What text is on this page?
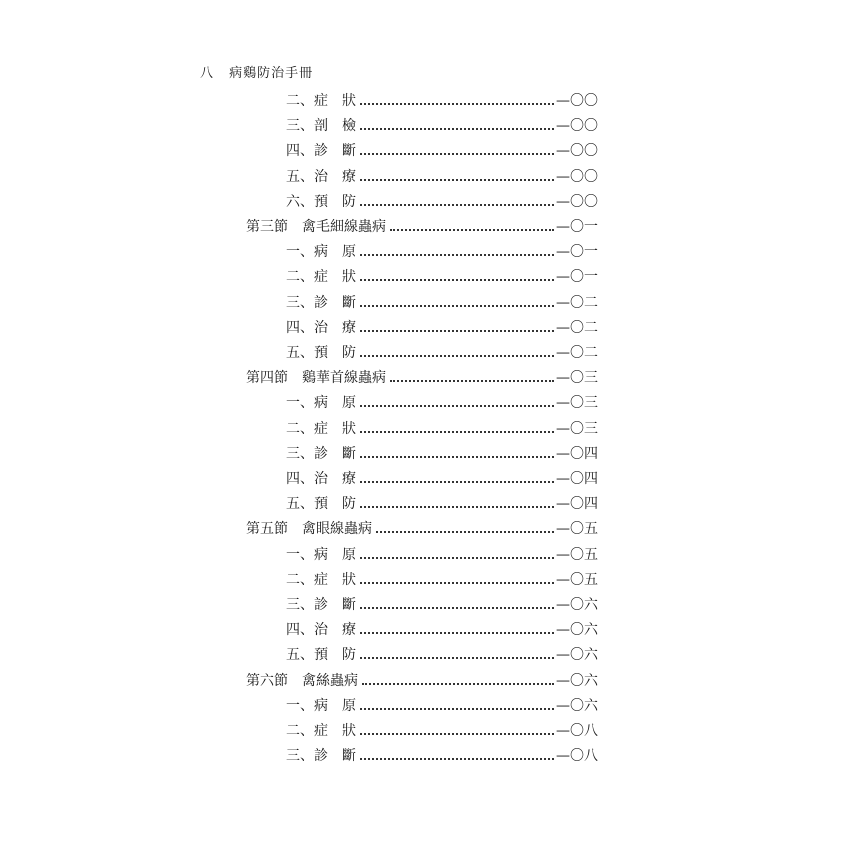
八 病鷄防治手冊
二、症　狀	—〇〇
三、剖　檢	—〇〇
四、診　斷	—〇〇
五、治　療	—〇〇
六、預　防	—〇〇
第三節　禽毛細線蟲病	—〇一
一、病　原	—〇一
二、症　狀	—〇一
三、診　斷	—〇二
四、治　療	—〇二
五、預　防	—〇二
第四節　鷄華首線蟲病	—〇三
一、病　原	—〇三
二、症　狀	—〇三
三、診　斷	—〇四
四、治　療	—〇四
五、預　防	—〇四
第五節　禽眼線蟲病	—〇五
一、病　原	—〇五
二、症　狀	—〇五
三、診　斷	—〇六
四、治　療	—〇六
五、預　防	—〇六
第六節　禽絲蟲病	—〇六
一、病　原	—〇六
二、症　狀	—〇八
三、診　斷	—〇八
